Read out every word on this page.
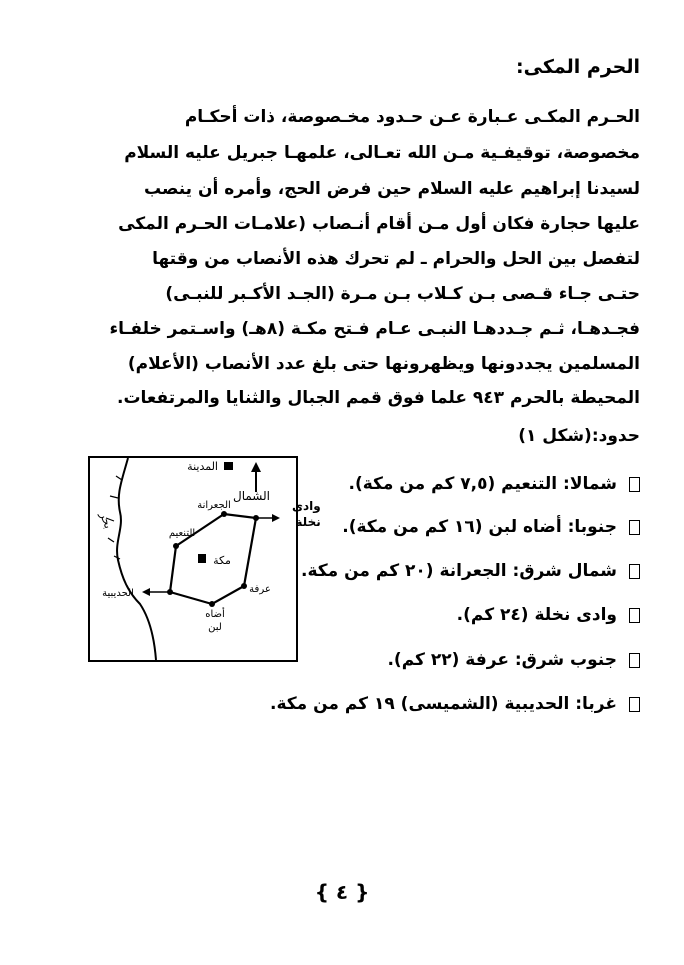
الحرم المكى:
الحـرم المكـى عـبارة عـن حـدود مخـصوصة، ذات أحكـام
مخصوصة، توقيفـية مـن الله تعـالى، علمهـا جبريل عليه السلام
لسيدنا إبراهيم عليه السلام حين فرض الحج، وأمره أن ينصب
عليها حجارة فكان أول مـن أقام أنـصاب (علامـات الحـرم المكى
لتفصل بين الحل والحرام ـ لم تحرك هذه الأنصاب من وقتها
حتـى جـاء قـصى بـن كـلاب بـن مـرة (الجـد الأكـبر للنبـى)
فجـدهـا، ثـم جـددهـا النبـى عـام فـتح مكـة (٨هـ) واسـتمر خلفـاء
المسلمين يجددونها ويظهرونها حتى بلغ عدد الأنصاب (الأعلام)
المحيطة بالحرم ٩٤٣ علما فوق قمم الجبال والثنايا والمرتفعات.
حدود:(شكل ١)
شمالا: التنعيم (٧,٥ كم من مكة).
جنوبا: أضاه لبن (١٦ كم من مكة).
شمال شرق: الجعرانة (٢٠ كم من مكة.
وادى نخلة (٢٤ كم).
جنوب شرق: عرفة (٢٢ كم).
غربا: الحديبية (الشميسى) ١٩ كم من مكة.
بحر
الشمال
المدينة
مكة
الجعرانة
التنعيم
عرفة
أضاه
لبن
الحديبية
وادى
نخلة
{ ٤ }
